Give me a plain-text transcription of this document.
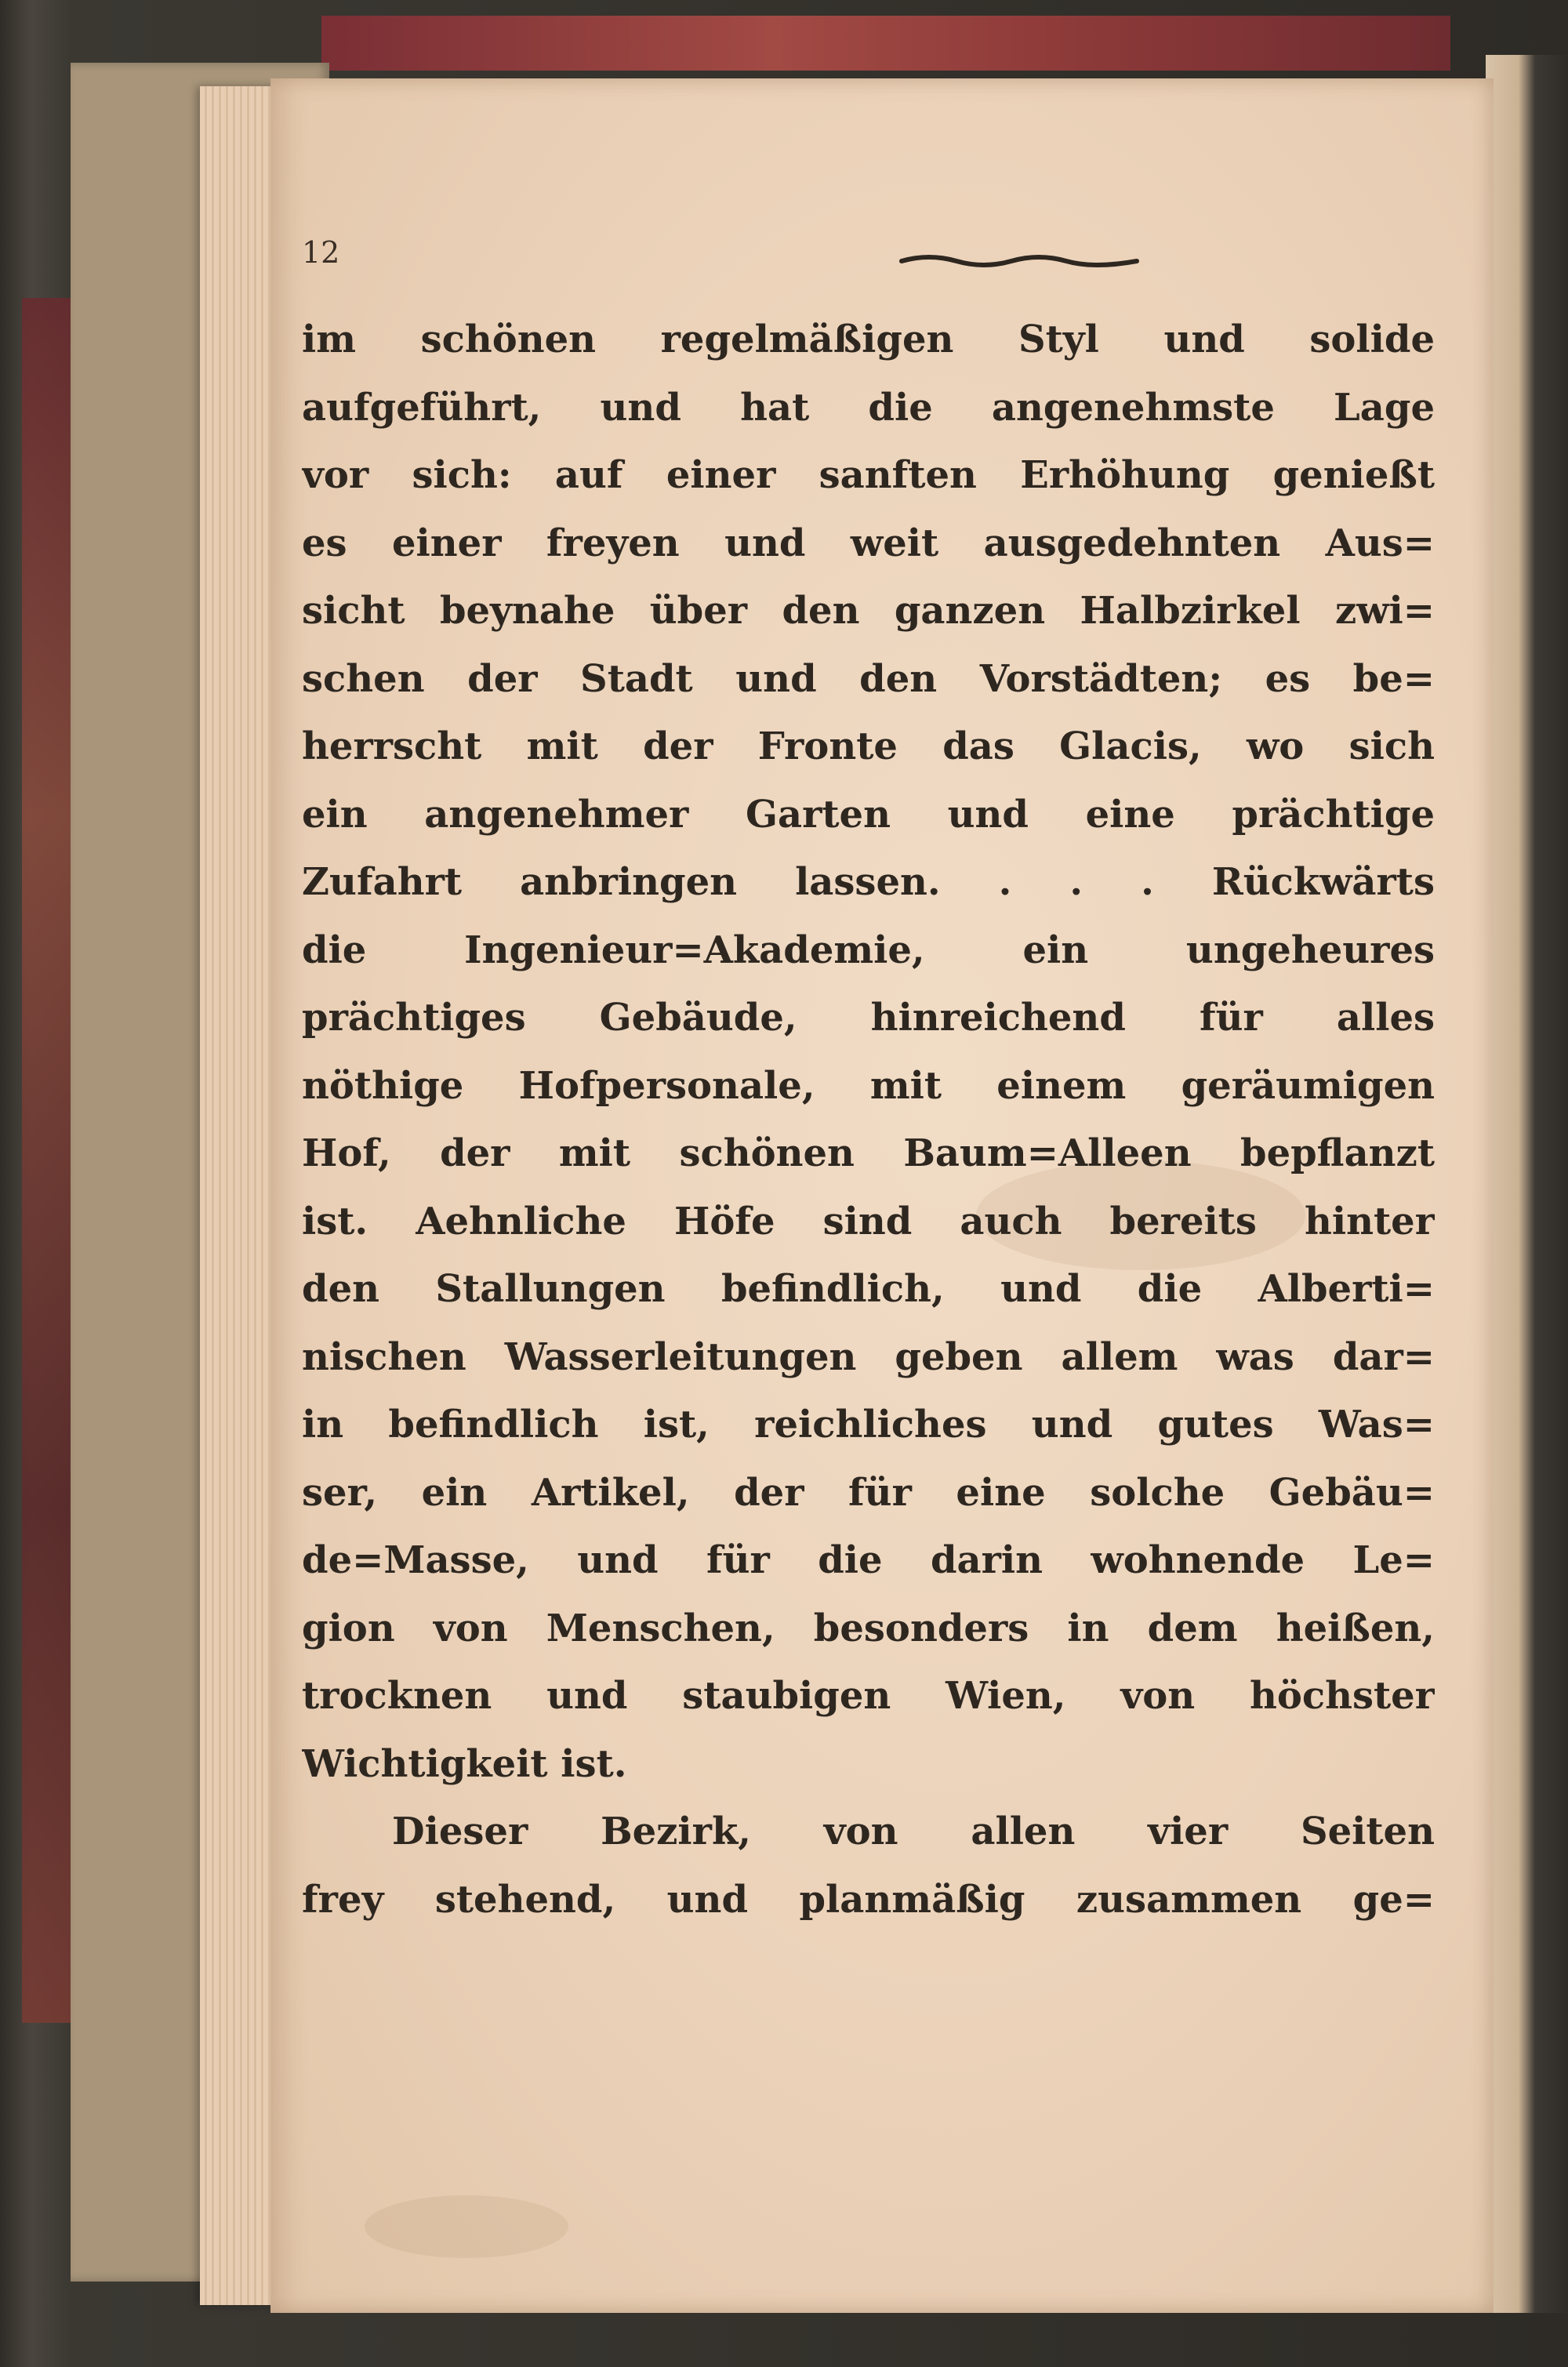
12
im schönen regelmäßigen Styl und solide
aufgeführt, und hat die angenehmste Lage
vor sich: auf einer sanften Erhöhung genießt
es einer freyen und weit ausgedehnten Aus=
sicht beynahe über den ganzen Halbzirkel zwi=
schen der Stadt und den Vorstädten; es be=
herrscht mit der Fronte das Glacis, wo sich
ein angenehmer Garten und eine prächtige
Zufahrt anbringen lassen. . . . Rückwärts
die Ingenieur=Akademie, ein ungeheures
prächtiges Gebäude, hinreichend für alles
nöthige Hofpersonale, mit einem geräumigen
Hof, der mit schönen Baum=Alleen bepflanzt
ist. Aehnliche Höfe sind auch bereits hinter
den Stallungen befindlich, und die Alberti=
nischen Wasserleitungen geben allem was dar=
in befindlich ist, reichliches und gutes Was=
ser, ein Artikel, der für eine solche Gebäu=
de=Masse, und für die darin wohnende Le=
gion von Menschen, besonders in dem heißen,
trocknen und staubigen Wien, von höchster
Wichtigkeit ist.
Dieser Bezirk, von allen vier Seiten
frey stehend, und planmäßig zusammen ge=
